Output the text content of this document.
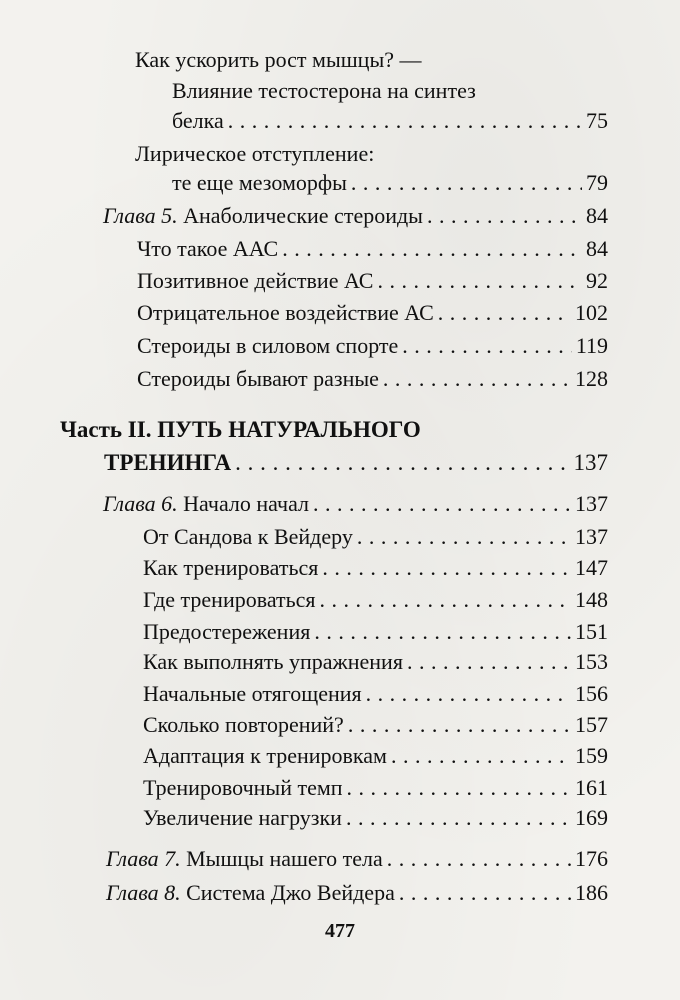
Как ускорить рост мышцы? —
Влияние тестостерона на синтез
белка . . .	75
Лирическое отступление:
те еще мезоморфы . . .	79
Глава 5. Анаболические стероиды . . .	84
Что такое ААС . . .	84
Позитивное действие АС . . .	92
Отрицательное воздействие АС . . .	102
Стероиды в силовом спорте . . .	119
Стероиды бывают разные . . .	128
Часть II. ПУТЬ НАТУРАЛЬНОГО
ТРЕНИНГА . . .	137
Глава 6. Начало начал . . .	137
От Сандова к Вейдеру . . .	137
Как тренироваться . . .	147
Где тренироваться . . .	148
Предостережения . . .	151
Как выполнять упражнения . . .	153
Начальные отягощения . . .	156
Сколько повторений? . . .	157
Адаптация к тренировкам . . .	159
Тренировочный темп . . .	161
Увеличение нагрузки . . .	169
Глава 7. Мышцы нашего тела . . .	176
Глава 8. Система Джо Вейдера . . .	186
477
